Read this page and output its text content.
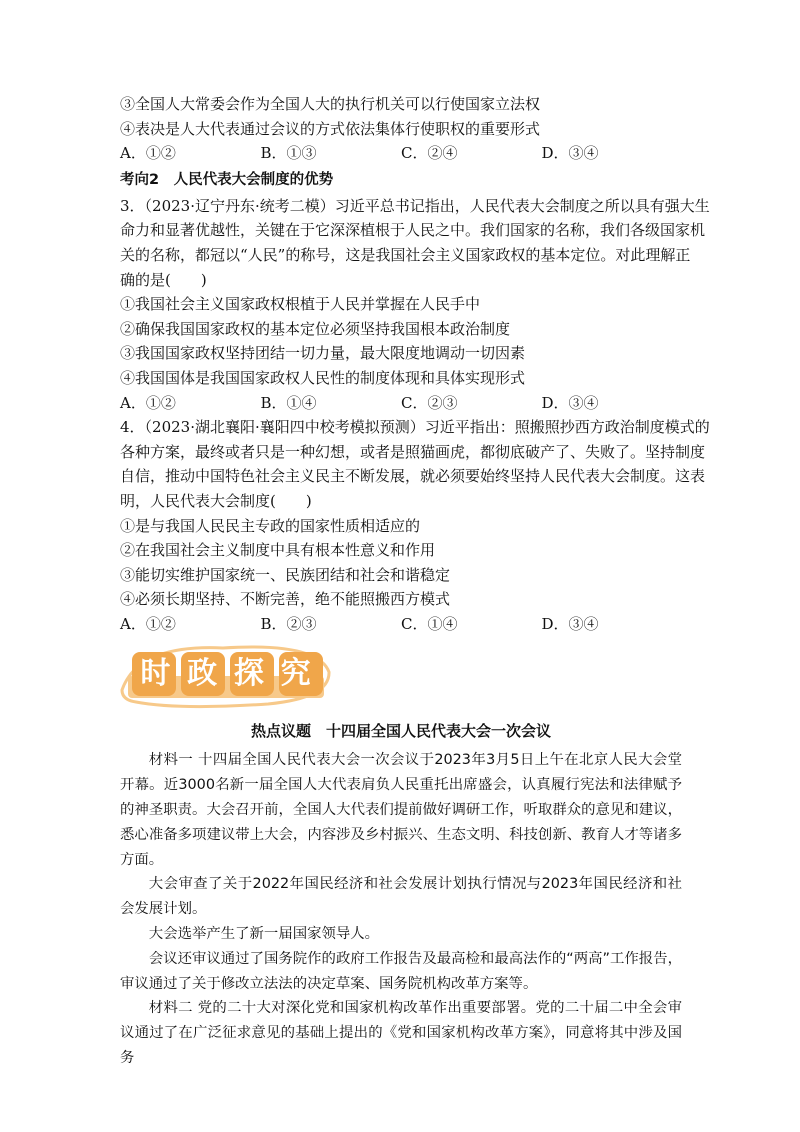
③全国人大常委会作为全国人大的执行机关可以行使国家立法权
④表决是人大代表通过会议的方式依法集体行使职权的重要形式
A．①②	B．①③	C．②④	D．③④
考向2　人民代表大会制度的优势
3．（2023·辽宁丹东·统考二模）习近平总书记指出，人民代表大会制度之所以具有强大生
命力和显著优越性，关键在于它深深植根于人民之中。我们国家的名称，我们各级国家机
关的名称，都冠以“人民”的称号，这是我国社会主义国家政权的基本定位。对此理解正
确的是(　　)
①我国社会主义国家政权根植于人民并掌握在人民手中
②确保我国国家政权的基本定位必须坚持我国根本政治制度
③我国国家政权坚持团结一切力量，最大限度地调动一切因素
④我国国体是我国国家政权人民性的制度体现和具体实现形式
A．①②	B．①④	C．②③	D．③④
4．（2023·湖北襄阳·襄阳四中校考模拟预测）习近平指出：照搬照抄西方政治制度模式的
各种方案，最终或者只是一种幻想，或者是照猫画虎，都彻底破产了、失败了。坚持制度
自信，推动中国特色社会主义民主不断发展，就必须要始终坚持人民代表大会制度。这表
明，人民代表大会制度(　　)
①是与我国人民民主专政的国家性质相适应的
②在我国社会主义制度中具有根本性意义和作用
③能切实维护国家统一、民族团结和社会和谐稳定
④必须长期坚持、不断完善，绝不能照搬西方模式
A．①②	B．②③	C．①④	D．③④
时 政 探 究
热点议题　十四届全国人民代表大会一次会议

材料一 十四届全国人民代表大会一次会议于2023年3月5日上午在北京人民大会堂开幕。近3000名新一届全国人大代表肩负人民重托出席盛会，认真履行宪法和法律赋予的神圣职责。大会召开前，全国人大代表们提前做好调研工作，听取群众的意见和建议，悉心准备多项建议带上大会，内容涉及乡村振兴、生态文明、科技创新、教育人才等诸多方面。

大会审查了关于2022年国民经济和社会发展计划执行情况与2023年国民经济和社会发展计划。

大会选举产生了新一届国家领导人。

会议还审议通过了国务院作的政府工作报告及最高检和最高法作的“两高”工作报告，审议通过了关于修改立法法的决定草案、国务院机构改革方案等。

材料二 党的二十大对深化党和国家机构改革作出重要部署。党的二十届二中全会审议通过了在广泛征求意见的基础上提出的《党和国家机构改革方案》，同意将其中涉及国务
